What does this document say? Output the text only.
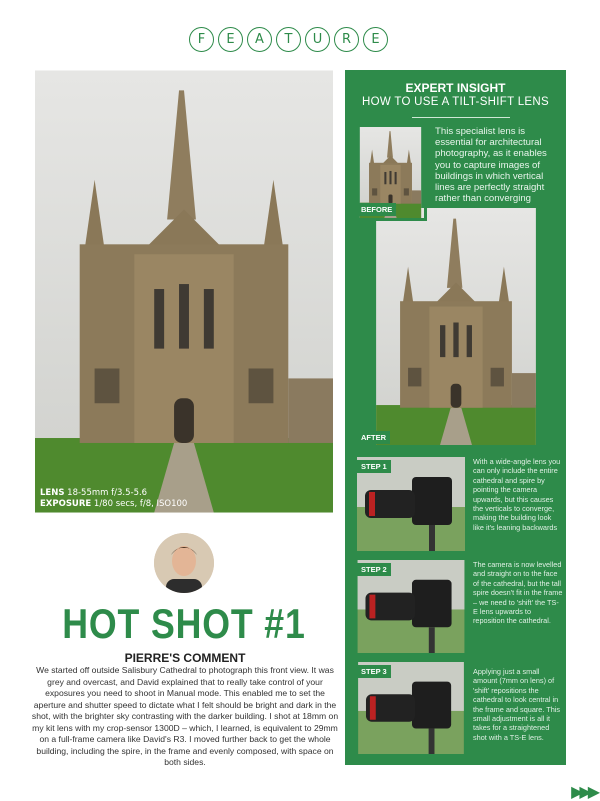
F	E	A	T	U	R	E
LENS 18-55mm f/3.5-5.6
EXPOSURE 1/80 secs, f/8, ISO100
HOT SHOT #1
PIERRE'S COMMENT
We started off outside Salisbury Cathedral to photograph this front view. It was grey and overcast, and David explained that to really take control of your exposures you need to shoot in Manual mode. This enabled me to set the aperture and shutter speed to dictate what I felt should be bright and dark in the shot, with the brighter sky contrasting with the darker building. I shot at 18mm on my kit lens with my crop-sensor 1300D – which, I learned, is equivalent to 29mm on a full-frame camera like David's R3. I moved further back to get the whole building, including the spire, in the frame and evenly composed, with space on both sides.
EXPERT INSIGHT
HOW TO USE A TILT-SHIFT LENS
This specialist lens is essential for architectural photography, as it enables you to capture images of buildings in which vertical lines are perfectly straight rather than converging
BEFORE
AFTER
STEP 1
With a wide-angle lens you can only include the entire cathedral and spire by pointing the camera upwards, but this causes the verticals to converge, making the building look like it's leaning backwards
STEP 2
The camera is now levelled and straight on to the face of the cathedral, but the tall spire doesn't fit in the frame – we need to 'shift' the TS-E lens upwards to reposition the cathedral.
STEP 3	Applying just a small amount (7mm on lens) of 'shift' repositions the cathedral to look central in the frame and square. This small adjustment is all it takes for a straightened shot with a TS-E lens.
▶▶▶
